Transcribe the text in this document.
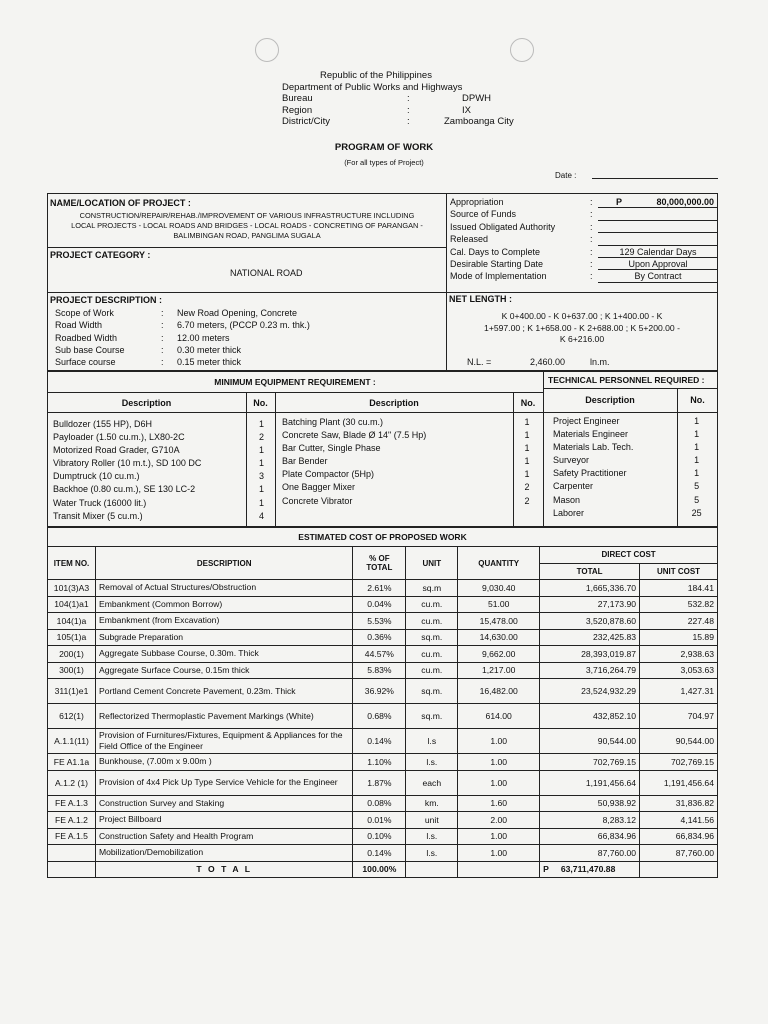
Republic of the Philippines
Department of Public Works and Highways
Bureau	:	DPWH
Region	:	IX
District/City	:	Zamboanga City
PROGRAM OF WORK
(For all types of Project)
Date :
NAME/LOCATION OF PROJECT :
CONSTRUCTION/REPAIR/REHAB./IMPROVEMENT OF VARIOUS INFRASTRUCTURE INCLUDING
LOCAL PROJECTS - LOCAL ROADS AND BRIDGES - LOCAL ROADS - CONCRETING OF PARANGAN -
BALIMBINGAN ROAD, PANGLIMA SUGALA
PROJECT CATEGORY :
NATIONAL ROAD
Appropriation	:	P	80,000,000.00
Source of Funds	:
Issued Obligated Authority	:
Released	:
Cal. Days to Complete	:	129 Calendar Days
Desirable Starting Date	:	Upon Approval
Mode of Implementation	:	By Contract
PROJECT DESCRIPTION :
Scope of Work	:	New Road Opening, Concrete
Road Width	:	6.70 meters, (PCCP 0.23 m. thk.)
Roadbed Width	:	12.00 meters
Sub base Course	:	0.30 meter thick
Surface course	:	0.15 meter thick
NET LENGTH :
K 0+400.00 - K 0+637.00 ; K 1+400.00 - K
1+597.00 ; K 1+658.00 - K 2+688.00 ; K 5+200.00 -
K 6+216.00
N.L. =	2,460.00	ln.m.
MINIMUM EQUIPMENT REQUIREMENT :	TECHNICAL PERSONNEL REQUIRED :
Description	No.	Description	No.	Description	No.
Bulldozer (155 HP), D6H	1
Payloader (1.50 cu.m.), LX80-2C	2
Motorized Road Grader, G710A	1
Vibratory Roller (10 m.t.), SD 100 DC	1
Dumptruck (10 cu.m.)	3
Backhoe (0.80 cu.m.), SE 130 LC-2	1
Water Truck (16000 lit.)	1
Transit Mixer (5 cu.m.)	4
Batching Plant (30 cu.m.)	1
Concrete Saw, Blade Ø 14" (7.5 Hp)	1
Bar Cutter, Single Phase	1
Bar Bender	1
Plate Compactor (5Hp)	1
One Bagger Mixer	2
Concrete Vibrator	2
Project Engineer	1
Materials Engineer	1
Materials Lab. Tech.	1
Surveyor	1
Safety Practitioner	1
Carpenter	5
Mason	5
Laborer	25
ESTIMATED COST OF PROPOSED WORK
ITEM NO.	DESCRIPTION	% OF TOTAL	UNIT	QUANTITY	DIRECT COST	
					TOTAL	UNIT COST
101(3)A3	Removal of Actual Structures/Obstruction	2.61%	sq.m	9,030.40	1,665,336.70	184.41
104(1)a1	Embankment (Common Borrow)	0.04%	cu.m.	51.00	27,173.90	532.82
104(1)a	Embankment (from Excavation)	5.53%	cu.m.	15,478.00	3,520,878.60	227.48
105(1)a	Subgrade Preparation	0.36%	sq.m.	14,630.00	232,425.83	15.89
200(1)	Aggregate Subbase Course, 0.30m. Thick	44.57%	cu.m.	9,662.00	28,393,019.87	2,938.63
300(1)	Aggregate Surface Course, 0.15m thick	5.83%	cu.m.	1,217.00	3,716,264.79	3,053.63
311(1)e1	Portland Cement Concrete Pavement, 0.23m. Thick	36.92%	sq.m.	16,482.00	23,524,932.29	1,427.31
612(1)	Reflectorized Thermoplastic Pavement Markings (White)	0.68%	sq.m.	614.00	432,852.10	704.97
A.1.1(11)	Provision of Furnitures/Fixtures, Equipment & Appliances for the Field Office of the Engineer	0.14%	l.s	1.00	90,544.00	90,544.00
FE A1.1a	Bunkhouse, (7.00m x 9.00m )	1.10%	l.s.	1.00	702,769.15	702,769.15
A.1.2 (1)	Provision of 4x4 Pick Up Type Service Vehicle for the Engineer	1.87%	each	1.00	1,191,456.64	1,191,456.64
FE A.1.3	Construction Survey and Staking	0.08%	km.	1.60	50,938.92	31,836.82
FE A.1.2	Project Billboard	0.01%	unit	2.00	8,283.12	4,141.56
FE A.1.5	Construction Safety and Health Program	0.10%	l.s.	1.00	66,834.96	66,834.96
	Mobilization/Demobilization	0.14%	l.s.	1.00	87,760.00	87,760.00
	T O T A L	100.00%			P 63,711,470.88	
